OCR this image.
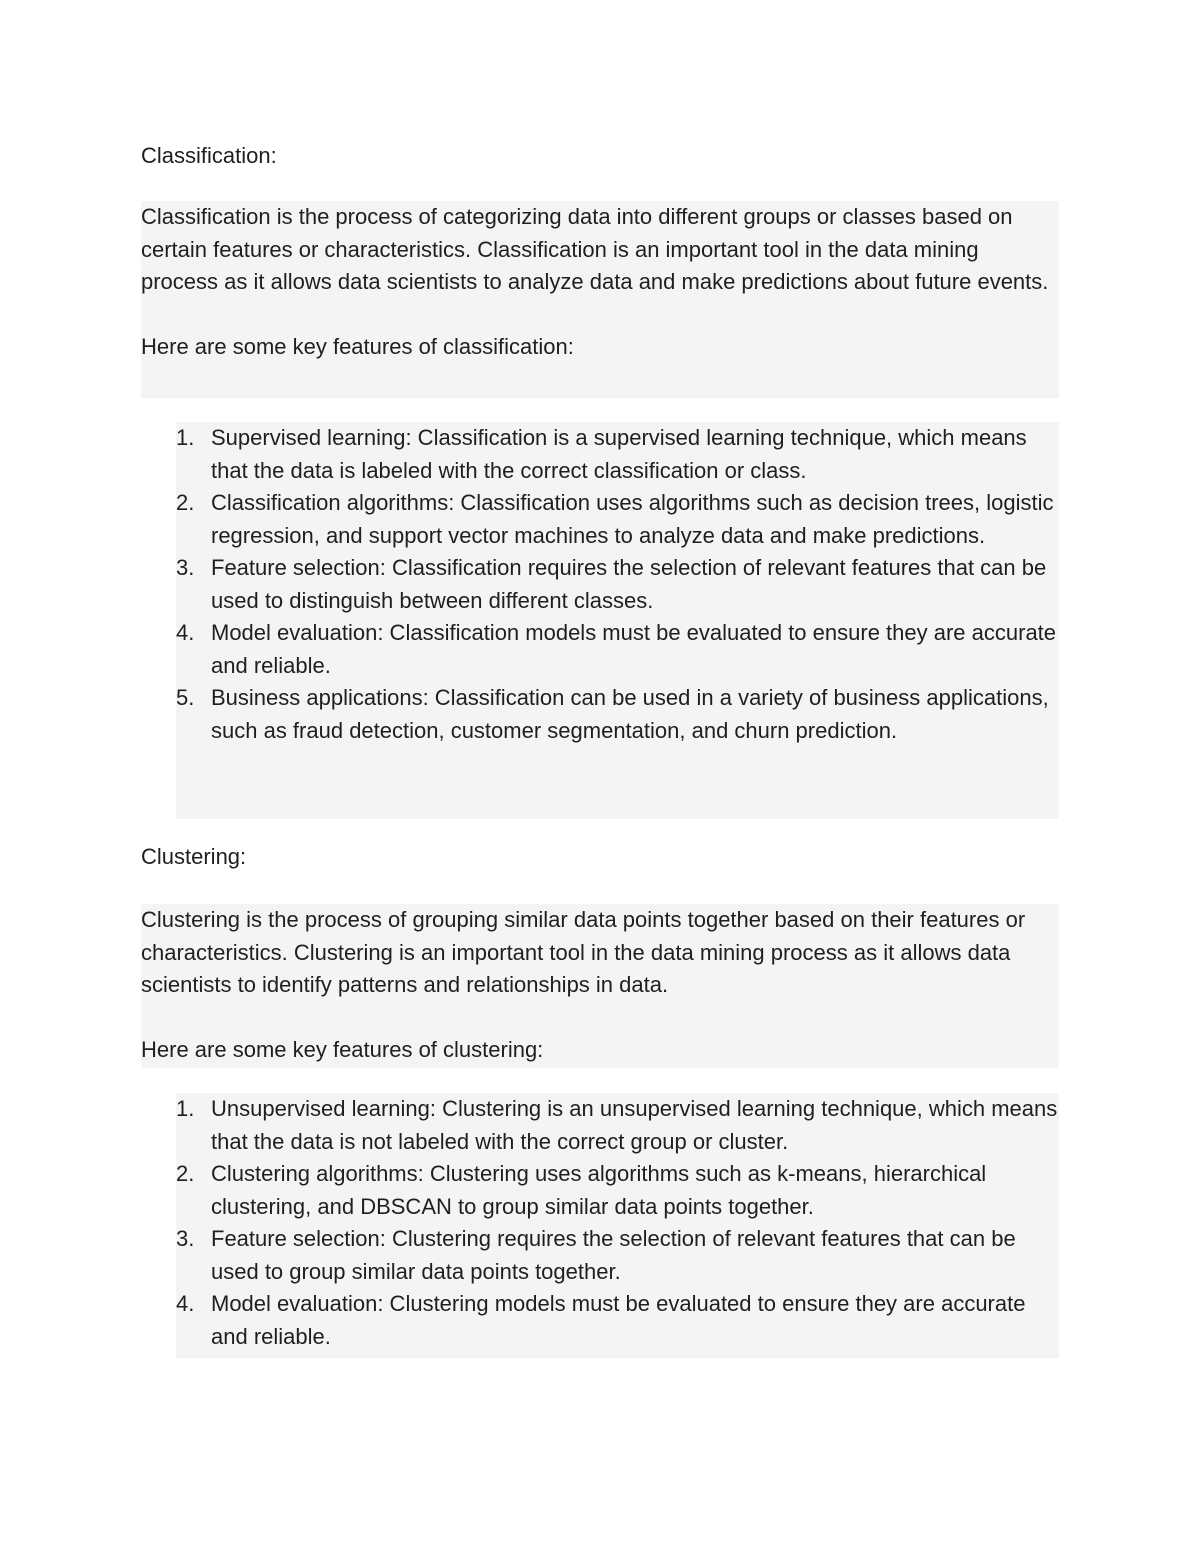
Classification:

Classification is the process of categorizing data into different groups or classes based on certain features or characteristics. Classification is an important tool in the data mining process as it allows data scientists to analyze data and make predictions about future events.

Here are some key features of classification:

1. Supervised learning: Classification is a supervised learning technique, which means that the data is labeled with the correct classification or class.
2. Classification algorithms: Classification uses algorithms such as decision trees, logistic regression, and support vector machines to analyze data and make predictions.
3. Feature selection: Classification requires the selection of relevant features that can be used to distinguish between different classes.
4. Model evaluation: Classification models must be evaluated to ensure they are accurate and reliable.
5. Business applications: Classification can be used in a variety of business applications, such as fraud detection, customer segmentation, and churn prediction.
Clustering:

Clustering is the process of grouping similar data points together based on their features or characteristics. Clustering is an important tool in the data mining process as it allows data scientists to identify patterns and relationships in data.

Here are some key features of clustering:

1. Unsupervised learning: Clustering is an unsupervised learning technique, which means that the data is not labeled with the correct group or cluster.
2. Clustering algorithms: Clustering uses algorithms such as k-means, hierarchical clustering, and DBSCAN to group similar data points together.
3. Feature selection: Clustering requires the selection of relevant features that can be used to group similar data points together.
4. Model evaluation: Clustering models must be evaluated to ensure they are accurate and reliable.
